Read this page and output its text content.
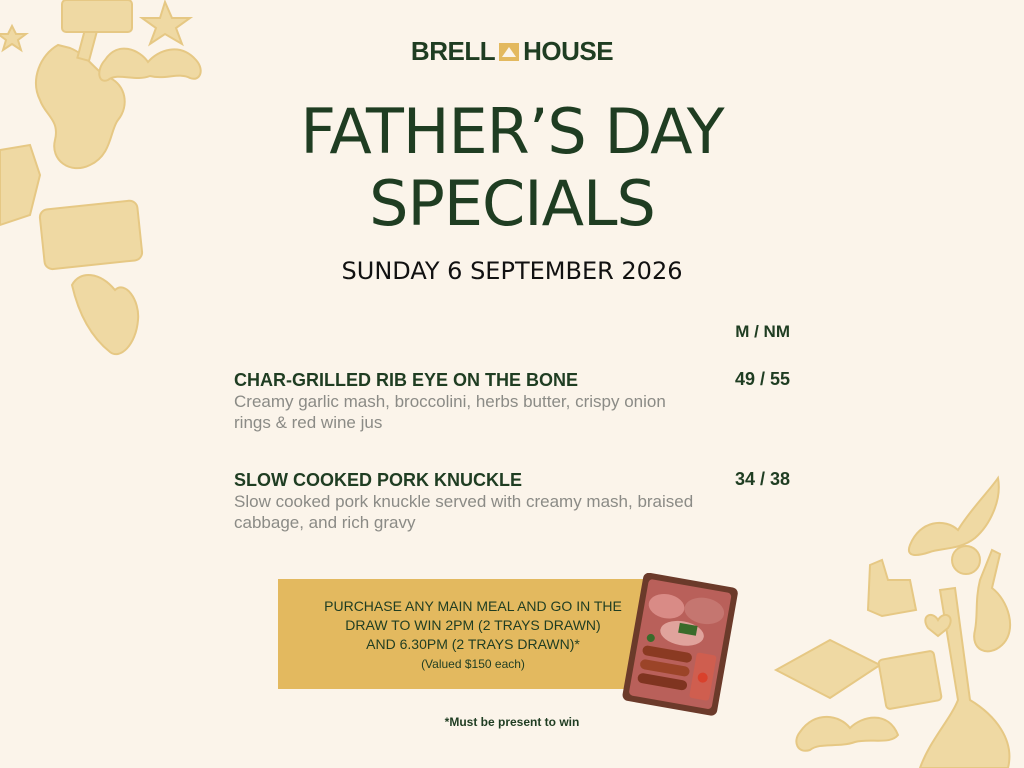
BRELL HOUSE
FATHER’S DAY
SPECIALS
SUNDAY 6 SEPTEMBER 2026
M / NM
CHAR-GRILLED RIB EYE ON THE BONE
Creamy garlic mash, broccolini, herbs butter, crispy onion rings & red wine jus
49 / 55
SLOW COOKED PORK KNUCKLE
Slow cooked pork knuckle served with creamy mash, braised cabbage, and rich gravy
34 / 38
PURCHASE ANY MAIN MEAL AND GO IN THE
DRAW TO WIN 2PM (2 TRAYS DRAWN)
AND 6.30PM (2 TRAYS DRAWN)*
(Valued $150 each)
*Must be present to win
